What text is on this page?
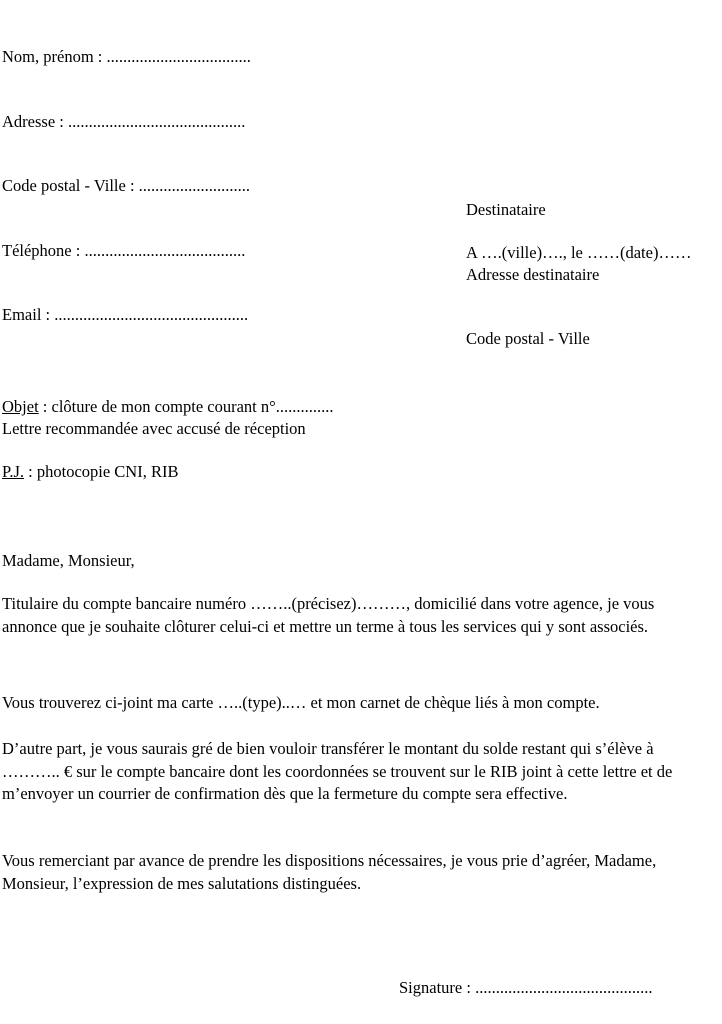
Nom, prénom : ...................................

Adresse : ...........................................

Code postal - Ville : ...........................

Téléphone : .......................................

Email : ...............................................

Destinataire

Adresse destinataire

Code postal - Ville

A ….(ville)…., le ……(date)……

Objet : clôture de mon compte courant n°..............

P.J. : photocopie CNI, RIB

Lettre recommandée avec accusé de réception
Madame, Monsieur,
Titulaire du compte bancaire numéro ……..(précisez)………, domicilié dans votre agence, je vous annonce que je souhaite clôturer celui-ci et mettre un terme à tous les services qui y sont associés.
Vous trouverez ci-joint ma carte …..(type)..… et mon carnet de chèque liés à mon compte.
D’autre part, je vous saurais gré de bien vouloir transférer le montant du solde restant qui s’élève à ……….. € sur le compte bancaire dont les coordonnées se trouvent sur le RIB joint à cette lettre et de m’envoyer un courrier de confirmation dès que la fermeture du compte sera effective.
Vous remerciant par avance de prendre les dispositions nécessaires, je vous prie d’agréer, Madame, Monsieur, l’expression de mes salutations distinguées.
Signature : ...........................................
